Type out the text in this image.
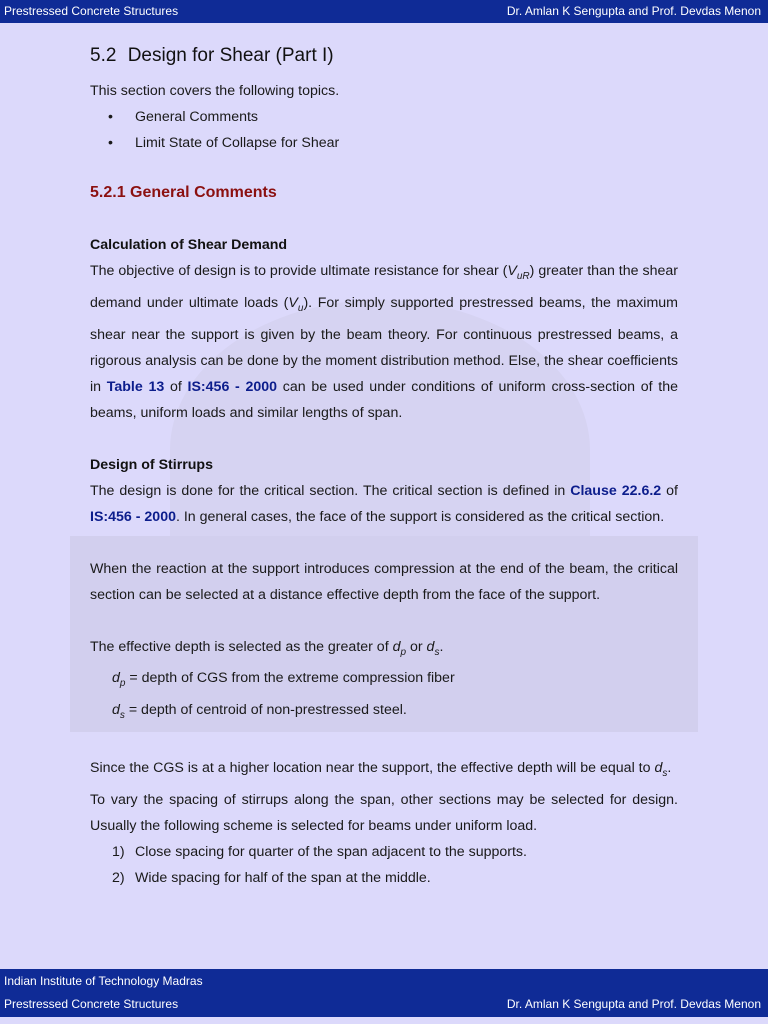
Prestressed Concrete Structures	Dr. Amlan K Sengupta and Prof. Devdas Menon
5.2 Design for Shear (Part I)

This section covers the following topics.

• General Comments
• Limit State of Collapse for Shear
5.2.1 General Comments
Calculation of Shear Demand

The objective of design is to provide ultimate resistance for shear $(V_{uR})$ greater than the shear demand under ultimate loads $(V_u)$. For simply supported prestressed beams, the maximum shear near the support is given by the beam theory. For continuous prestressed beams, a rigorous analysis can be done by the moment distribution method. Else, the shear coefficients in Table 13 of IS:456 - 2000 can be used under conditions of uniform cross-section of the beams, uniform loads and similar lengths of span.

Design of Stirrups

The design is done for the critical section. The critical section is defined in Clause 22.6.2 of IS:456 - 2000. In general cases, the face of the support is considered as the critical section.

When the reaction at the support introduces compression at the end of the beam, the critical section can be selected at a distance effective depth from the face of the support.

The effective depth is selected as the greater of $d_p$ or $d_s$.

$d_p$ = depth of CGS from the extreme compression fiber

$d_s$ = depth of centroid of non-prestressed steel.

Since the CGS is at a higher location near the support, the effective depth will be equal to $d_s$.

To vary the spacing of stirrups along the span, other sections may be selected for design. Usually the following scheme is selected for beams under uniform load.

1) Close spacing for quarter of the span adjacent to the supports.
2) Wide spacing for half of the span at the middle.
Indian Institute of Technology Madras
Prestressed Concrete Structures	Dr. Amlan K Sengupta and Prof. Devdas Menon
